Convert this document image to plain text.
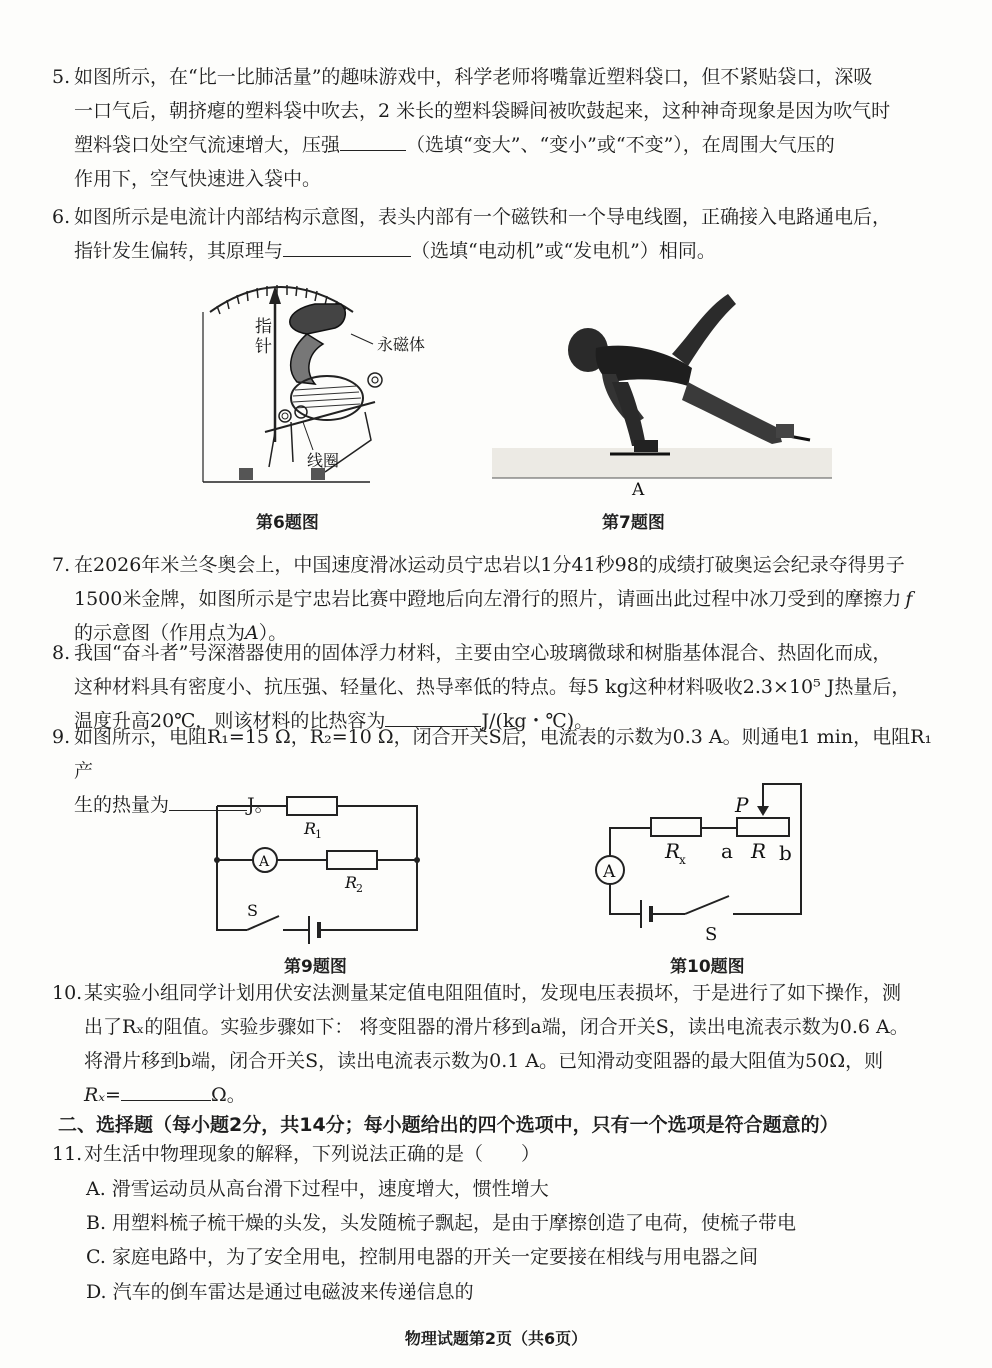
5. 如图所示，在“比一比肺活量”的趣味游戏中，科学老师将嘴靠近塑料袋口，但不紧贴袋口，深吸
一口气后，朝挤瘪的塑料袋中吹去，2 米长的塑料袋瞬间被吹鼓起来，这种神奇现象是因为吹气时
塑料袋口处空气流速增大，压强	（选填“变大”、“变小”或“不变”），在周围大气压的
作用下，空气快速进入袋中。
6. 如图所示是电流计内部结构示意图，表头内部有一个磁铁和一个导电线圈，正确接入电路通电后，
指针发生偏转，其原理与	（选填“电动机”或“发电机”）相同。
指
针	永磁体
线圈
第6题图
A
第7题图
7. 在2026年米兰冬奥会上，中国速度滑冰运动员宁忠岩以1分41秒98的成绩打破奥运会纪录夺得男子
1500米金牌，如图所示是宁忠岩比赛中蹬地后向左滑行的照片，请画出此过程中冰刀受到的摩擦力 f
的示意图（作用点为A）。
8. 我国“奋斗者”号深潜器使用的固体浮力材料，主要由空心玻璃微球和树脂基体混合、热固化而成，
这种材料具有密度小、抗压强、轻量化、热导率低的特点。每5 kg这种材料吸收2.3×10⁵ J热量后，
温度升高20℃，则该材料的比热容为	J/(kg・℃)。
9. 如图所示，电阻R₁=15 Ω，R₂=10 Ω，闭合开关S后，电流表的示数为0.3 A。则通电1 min，电阻R₁产
生的热量为	J。
R
1
R
2
A
S
第9题图
A
P
R
x a R b
S
第10题图
10. 某实验小组同学计划用伏安法测量某定值电阻阻值时，发现电压表损坏，于是进行了如下操作，测
出了Rₓ的阻值。实验步骤如下： 将变阻器的滑片移到a端，闭合开关S，读出电流表示数为0.6 A。
将滑片移到b端，闭合开关S，读出电流表示数为0.1 A。已知滑动变阻器的最大阻值为50Ω，则
Rₓ=	Ω。
二、选择题（每小题2分，共14分；每小题给出的四个选项中，只有一个选项是符合题意的）
11. 对生活中物理现象的解释，下列说法正确的是（　　）
A. 滑雪运动员从高台滑下过程中，速度增大，惯性增大
B. 用塑料梳子梳干燥的头发，头发随梳子飘起，是由于摩擦创造了电荷，使梳子带电
C. 家庭电路中，为了安全用电，控制用电器的开关一定要接在相线与用电器之间
D. 汽车的倒车雷达是通过电磁波来传递信息的
物理试题第2页（共6页）
